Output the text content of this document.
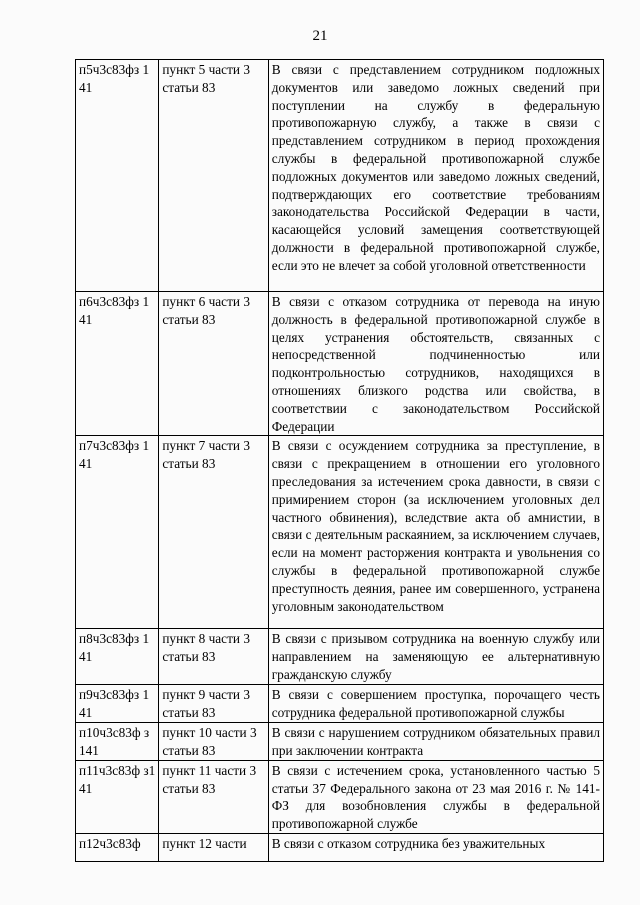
21
п5ч3с83фз 141	пункт 5 части 3 статьи 83	В связи с представлением сотрудником подложных документов или заведомо ложных сведений при поступлении на службу в федеральную противопожарную службу, а также в связи с представлением сотрудником в период прохождения службы в федеральной противопожарной службе подложных документов или заведомо ложных сведений, подтверждающих его соответствие требованиям законодательства Российской Федерации в части, касающейся условий замещения соответствующей должности в федеральной противопожарной службе, если это не влечет за собой уголовной ответственности
п6ч3с83фз 141	пункт 6 части 3 статьи 83	В связи с отказом сотрудника от перевода на иную должность в федеральной противопожарной службе в целях устранения обстоятельств, связанных с непосредственной подчиненностью или подконтрольностью сотрудников, находящихся в отношениях близкого родства или свойства, в соответствии с законодательством Российской Федерации
п7ч3с83фз 141	пункт 7 части 3 статьи 83	В связи с осуждением сотрудника за преступление, в связи с прекращением в отношении его уголовного преследования за истечением срока давности, в связи с примирением сторон (за исключением уголовных дел частного обвинения), вследствие акта об амнистии, в связи с деятельным раскаянием, за исключением случаев, если на момент расторжения контракта и увольнения со службы в федеральной противопожарной службе преступность деяния, ранее им совершенного, устранена уголовным законодательством
п8ч3с83фз 141	пункт 8 части 3 статьи 83	В связи с призывом сотрудника на военную службу или направлением на заменяющую ее альтернативную гражданскую службу
п9ч3с83фз 141	пункт 9 части 3 статьи 83	В связи с совершением проступка, порочащего честь сотрудника федеральной противопожарной службы
п10ч3с83ф з141	пункт 10 части 3 статьи 83	В связи с нарушением сотрудником обязательных правил при заключении контракта
п11ч3с83ф з141	пункт 11 части 3 статьи 83	В связи с истечением срока, установленного частью 5 статьи 37 Федерального закона от 23 мая 2016 г. № 141-ФЗ для возобновления службы в федеральной противопожарной службе
п12ч3с83ф	пункт 12 части	В связи с отказом сотрудника без уважительных
